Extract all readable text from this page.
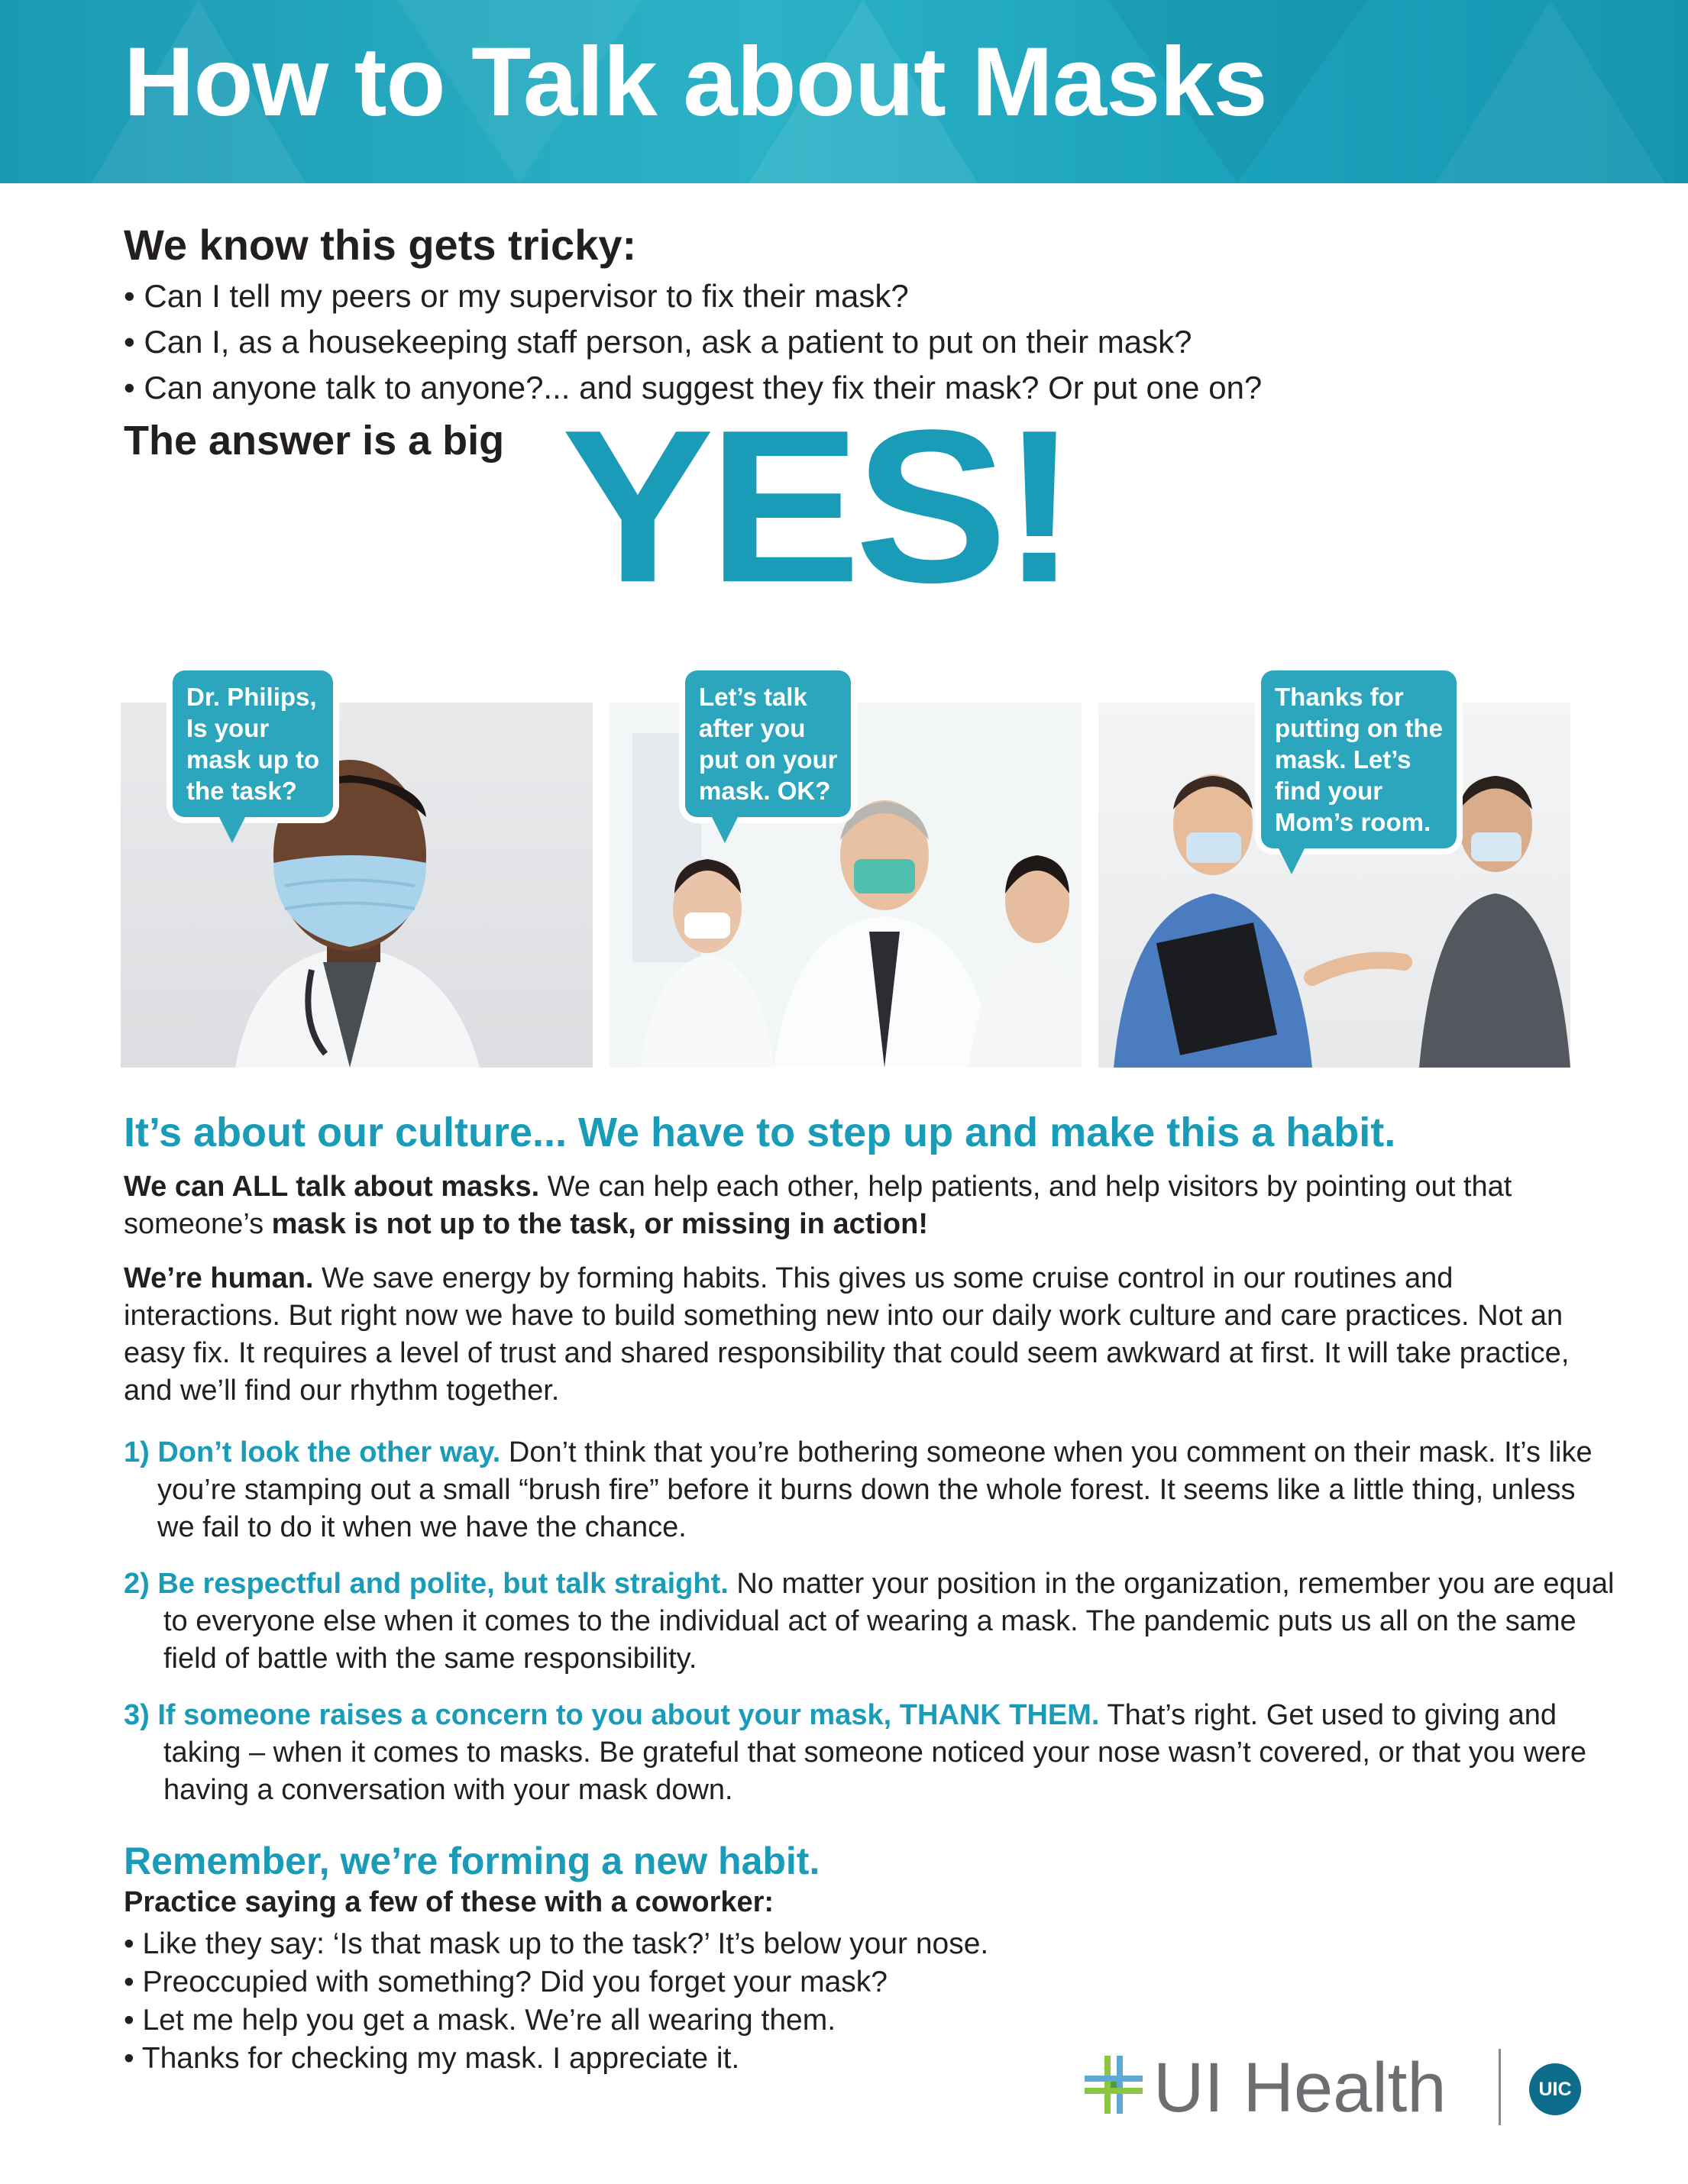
How to Talk about Masks
We know this gets tricky:
• Can I tell my peers or my supervisor to fix their mask?
• Can I, as a housekeeping staff person, ask a patient to put on their mask?
• Can anyone talk to anyone?... and suggest they fix their mask? Or put one on?
The answer is a big YES!
Dr. Philips,
Is your
mask up to
the task?
Let’s talk
after you
put on your
mask. OK?
Thanks for
putting on the
mask. Let’s
find your
Mom’s room.
It’s about our culture... We have to step up and make this a habit.
We can ALL talk about masks. We can help each other, help patients, and help visitors by pointing out that someone’s mask is not up to the task, or missing in action!
We’re human. We save energy by forming habits. This gives us some cruise control in our routines and interactions. But right now we have to build something new into our daily work culture and care practices. Not an easy fix. It requires a level of trust and shared responsibility that could seem awkward at first. It will take practice, and we’ll find our rhythm together.
1) Don’t look the other way. Don’t think that you’re bothering someone when you comment on their mask. It’s like you’re stamping out a small “brush fire” before it burns down the whole forest. It seems like a little thing, unless we fail to do it when we have the chance.
2) Be respectful and polite, but talk straight. No matter your position in the organization, remember you are equal to everyone else when it comes to the individual act of wearing a mask. The pandemic puts us all on the same field of battle with the same responsibility.
3) If someone raises a concern to you about your mask, THANK THEM. That’s right. Get used to giving and taking – when it comes to masks. Be grateful that someone noticed your nose wasn’t covered, or that you were having a conversation with your mask down.
Remember, we’re forming a new habit.
Practice saying a few of these with a coworker:
• Like they say: ‘Is that mask up to the task?’ It’s below your nose.
• Preoccupied with something? Did you forget your mask?
• Let me help you get a mask. We’re all wearing them.
• Thanks for checking my mask. I appreciate it.	UI Health	UIC
